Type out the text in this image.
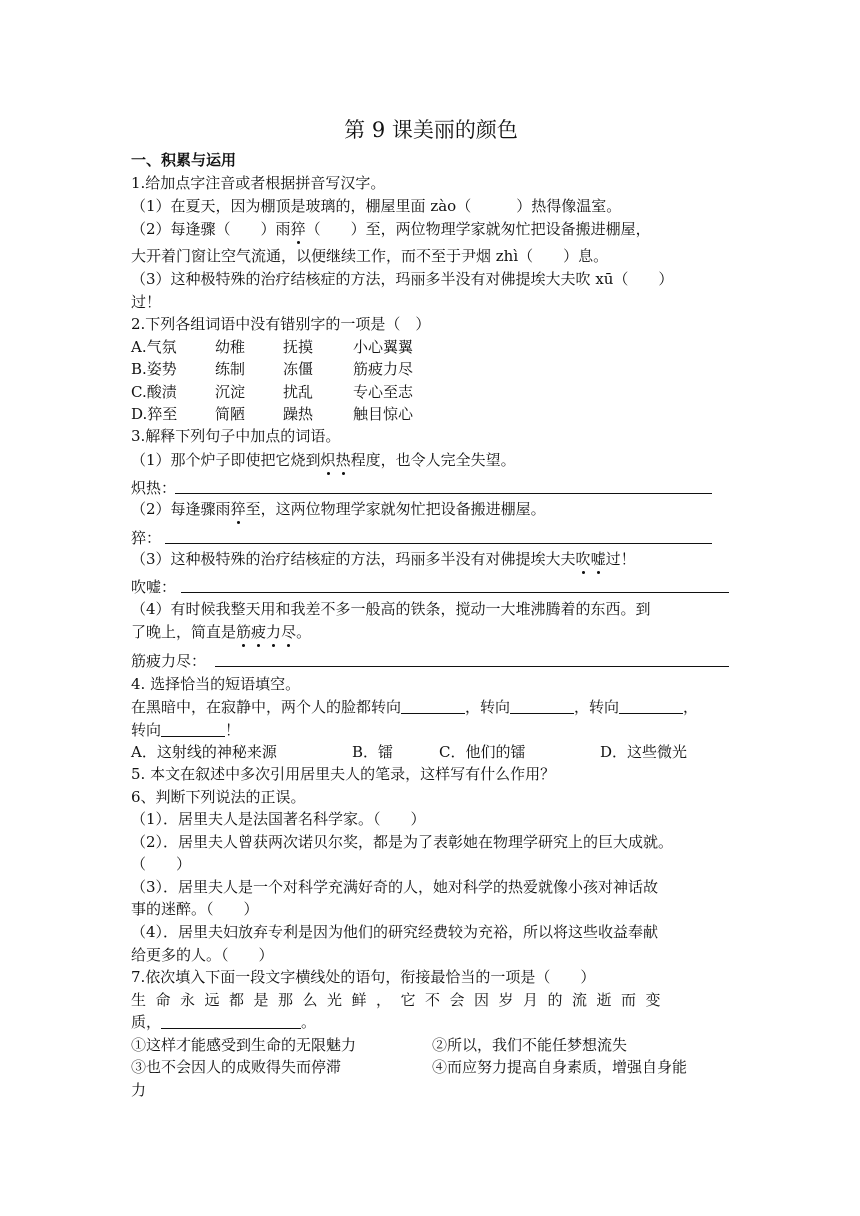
第 9 课美丽的颜色
一、积累与运用
1.给加点字注音或者根据拼音写汉字。
（1）在夏天，因为棚顶是玻璃的，棚屋里面 zào（　　　）热得像温室。
（2）每逢骤（　　）雨猝（　　）至，两位物理学家就匆忙把设备搬进棚屋，
大开着门窗让空气流通，以便继续工作，而不至于尹烟 zhì（　　）息。
（3）这种极特殊的治疗结核症的方法，玛丽多半没有对佛提埃大夫吹 xū（　　）
过！
2.下列各组词语中没有错别字的一项是（　）
A.气氛	幼稚	抚摸	小心翼翼
B.姿势	练制	冻僵	筋疲力尽
C.酸渍	沉淀	扰乱	专心至志
D.猝至	简陋	躁热	触目惊心
3.解释下列句子中加点的词语。
（1）那个炉子即使把它烧到炽热程度，也令人完全失望。
炽热：
（2）每逢骤雨猝至，这两位物理学家就匆忙把设备搬进棚屋。
猝：
（3）这种极特殊的治疗结核症的方法，玛丽多半没有对佛提埃大夫吹嘘过！
吹嘘：
（4）有时候我整天用和我差不多一般高的铁条，搅动一大堆沸腾着的东西。到
了晚上，简直是筋疲力尽。
筋疲力尽：
4. 选择恰当的短语填空。
在黑暗中，在寂静中，两个人的脸都转向	，转向	，转向	，
转向	！
A．这射线的神秘来源	B．镭	C．他们的镭	D．这些微光
5. 本文在叙述中多次引用居里夫人的笔录，这样写有什么作用？
6、判断下列说法的正误。
（1）．居里夫人是法国著名科学家。（　　）
（2）．居里夫人曾获两次诺贝尔奖，都是为了表彰她在物理学研究上的巨大成就。
（　　）
（3）．居里夫人是一个对科学充满好奇的人，她对科学的热爱就像小孩对神话故
事的迷醉。（　　）
（4）．居里夫妇放弃专利是因为他们的研究经费较为充裕，所以将这些收益奉献
给更多的人。（　　）
7.依次填入下面一段文字横线处的语句，衔接最恰当的一项是（　　）
生命永远都是那么光鲜，它不会因岁月的流逝而变
质，	。
①这样才能感受到生命的无限魅力	②所以，我们不能任梦想流失
③也不会因人的成败得失而停滞	④而应努力提高自身素质，增强自身能
力
